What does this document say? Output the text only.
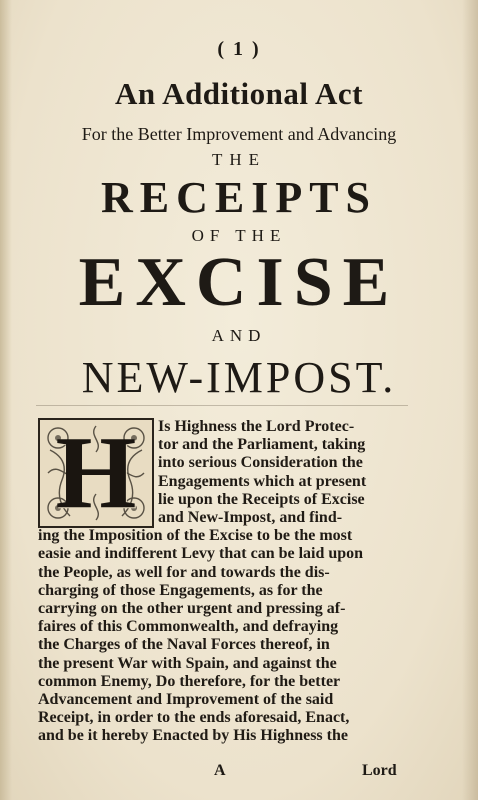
( 1 )
An Additional Act
For the Better Improvement and Advancing
THE
RECEIPTS
OF THE
EXCISE
AND
NEW-IMPOST.
H	Is Highness the Lord Protec-
tor and the Parliament, taking
into serious Consideration the
Engagements which at present
lie upon the Receipts of Excise
and New-Impost, and find-
ing the Imposition of the Excise to be the most
easie and indifferent Levy that can be laid upon
the People, as well for and towards the dis-
charging of those Engagements, as for the
carrying on the other urgent and pressing af-
faires of this Commonwealth, and defraying
the Charges of the Naval Forces thereof, in
the present War with Spain, and against the
common Enemy, Do therefore, for the better
Advancement and Improvement of the said
Receipt, in order to the ends aforesaid, Enact,
and be it hereby Enacted by His Highness the
A	Lord
